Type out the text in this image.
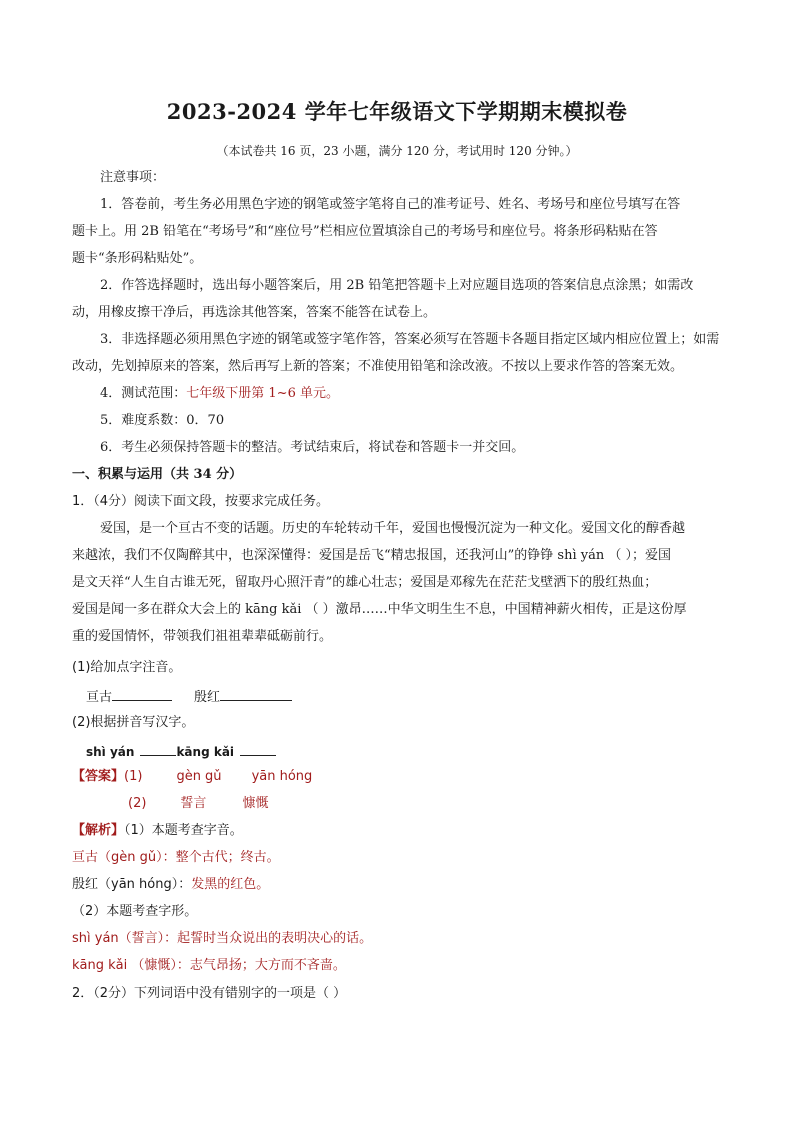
2023-2024 学年七年级语文下学期期末模拟卷
（本试卷共 16 页，23 小题，满分 120 分，考试用时 120 分钟。）
注意事项：
1．答卷前，考生务必用黑色字迹的钢笔或签字笔将自己的准考证号、姓名、考场号和座位号填写在答
题卡上。用 2B 铅笔在“考场号”和“座位号”栏相应位置填涂自己的考场号和座位号。将条形码粘贴在答
题卡“条形码粘贴处”。
2．作答选择题时，选出每小题答案后，用 2B 铅笔把答题卡上对应题目选项的答案信息点涂黑；如需改
动，用橡皮擦干净后，再选涂其他答案，答案不能答在试卷上。
3．非选择题必须用黑色字迹的钢笔或签字笔作答，答案必须写在答题卡各题目指定区域内相应位置上；如需
改动，先划掉原来的答案，然后再写上新的答案；不准使用铅笔和涂改液。不按以上要求作答的答案无效。
4．测试范围：七年级下册第 1~6 单元。
5．难度系数：0．70
6．考生必须保持答题卡的整洁。考试结束后，将试卷和答题卡一并交回。
一、积累与运用（共 34 分）
1．（4分）阅读下面文段，按要求完成任务。
爱国，是一个亘古不变的话题。历史的车轮转动千年，爱国也慢慢沉淀为一种文化。爱国文化的醇香越
来越浓，我们不仅陶醉其中，也深深懂得：爱国是岳飞“精忠报国，还我河山”的铮铮 shì yán （ ）；爱国
是文天祥“人生自古谁无死，留取丹心照汗青”的雄心壮志；爱国是邓稼先在茫茫戈壁洒下的殷红热血；
爱国是闻一多在群众大会上的 kāng kǎi （ ）激昂……中华文明生生不息，中国精神薪火相传，正是这份厚
重的爱国情怀，带领我们祖祖辈辈砥砺前行。
(1)给加点字注音。
亘古	殷红
(2)根据拼音写汉字。
shì yán	kāng kǎi
【答案】(1)	gèn gǔ yān hóng
(2)	誓言	慷慨
【解析】（1）本题考查字音。
亘古（gèn gǔ）：整个古代；终古。
殷红（yān hóng）：发黑的红色。
（2）本题考查字形。
shì yán（誓言）：起誓时当众说出的表明决心的话。
kāng kǎi （慷慨）：志气昂扬；大方而不吝啬。
2．（2分）下列词语中没有错别字的一项是（ ）
